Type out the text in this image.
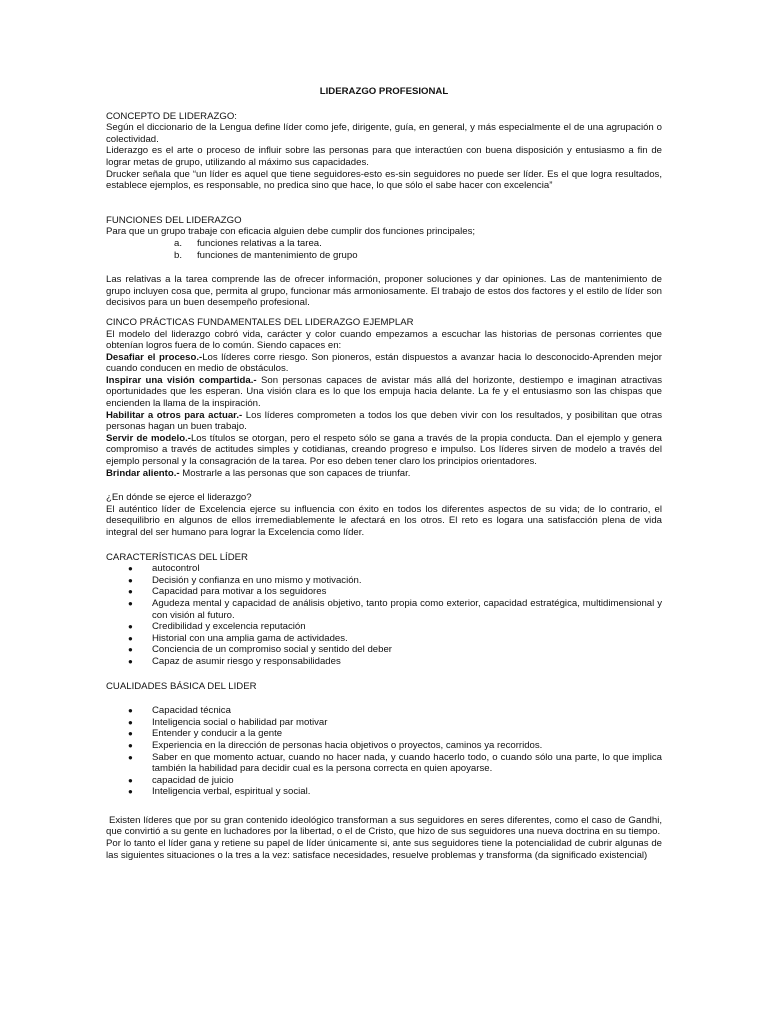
LIDERAZGO PROFESIONAL

CONCEPTO DE LIDERAZGO:

Según el diccionario de la Lengua define líder como jefe, dirigente, guía, en general, y más especialmente el de una agrupación o colectividad.

Liderazgo es el arte o proceso de influir sobre las personas para que interactúen con buena disposición y entusiasmo a fin de lograr metas de grupo, utilizando al máximo sus capacidades.

Drucker señala que “un líder es aquel que tiene seguidores-esto es-sin seguidores no puede ser líder. Es el que logra resultados, establece ejemplos, es responsable, no predica sino que hace, lo que sólo el sabe hacer con excelencia”

FUNCIONES DEL LIDERAZGO

Para que un grupo trabaje con eficacia alguien debe cumplir dos funciones principales;

a. funciones relativas a la tarea.
b. funciones de mantenimiento de grupo

Las relativas a la tarea comprende las de ofrecer información, proponer soluciones y dar opiniones. Las de mantenimiento de grupo incluyen cosa que, permita al grupo, funcionar más armoniosamente. El trabajo de estos dos factores y el estilo de líder son decisivos para un buen desempeño profesional.

CINCO PRÁCTICAS FUNDAMENTALES DEL LIDERAZGO EJEMPLAR

El modelo del liderazgo cobró vida, carácter y color cuando empezamos a escuchar las historias de personas corrientes que obtenían logros fuera de lo común. Siendo capaces en:

Desafiar el proceso.-Los líderes corre riesgo. Son pioneros, están dispuestos a avanzar hacia lo desconocido-Aprenden mejor cuando conducen en medio de obstáculos.

Inspirar una visión compartida.- Son personas capaces de avistar más allá del horizonte, destiempo e imaginan atractivas oportunidades que les esperan. Una visión clara es lo que los empuja hacia delante. La fe y el entusiasmo son las chispas que encienden la llama de la inspiración.

Habilitar a otros para actuar.- Los líderes comprometen a todos los que deben vivir con los resultados, y posibilitan que otras personas hagan un buen trabajo.

Servir de modelo.-Los títulos se otorgan, pero el respeto sólo se gana a través de la propia conducta. Dan el ejemplo y genera compromiso a través de actitudes simples y cotidianas, creando progreso e impulso. Los líderes sirven de modelo a través del ejemplo personal y la consagración de la tarea. Por eso deben tener claro los principios orientadores.

Brindar aliento.- Mostrarle a las personas que son capaces de triunfar.

¿En dónde se ejerce el liderazgo?

El auténtico líder de Excelencia ejerce su influencia con éxito en todos los diferentes aspectos de su vida; de lo contrario, el desequilibrio en algunos de ellos irremediablemente le afectará en los otros. El reto es logara una satisfacción plena de vida integral del ser humano para lograr la Excelencia como líder.

CARACTERÍSTICAS DEL LÍDER

● autocontrol
● Decisión y confianza en uno mismo y motivación.
● Capacidad para motivar a los seguidores
● Agudeza mental y capacidad de análisis objetivo, tanto propia como exterior, capacidad estratégica, multidimensional y con visión al futuro.
● Credibilidad y excelencia reputación
● Historial con una amplia gama de actividades.
● Conciencia de un compromiso social y sentido del deber
● Capaz de asumir riesgo y responsabilidades

CUALIDADES BÁSICA DEL LIDER

● Capacidad técnica
● Inteligencia social o habilidad par motivar
● Entender y conducir a la gente
● Experiencia en la dirección de personas hacia objetivos o proyectos, caminos ya recorridos.
● Saber en que momento actuar, cuando no hacer nada, y cuando hacerlo todo, o cuando sólo una parte, lo que implica también la habilidad para decidir cual es la persona correcta en quien apoyarse.
● capacidad de juicio
● Inteligencia verbal, espiritual y social.

Existen líderes que por su gran contenido ideológico transforman a sus seguidores en seres diferentes, como el caso de Gandhi, que convirtió a su gente en luchadores por la libertad, o el de Cristo, que hizo de sus seguidores una nueva doctrina en su tiempo.

Por lo tanto el líder gana y retiene su papel de líder únicamente si, ante sus seguidores tiene la potencialidad de cubrir algunas de las siguientes situaciones o la tres a la vez: satisface necesidades, resuelve problemas y transforma (da significado existencial)
